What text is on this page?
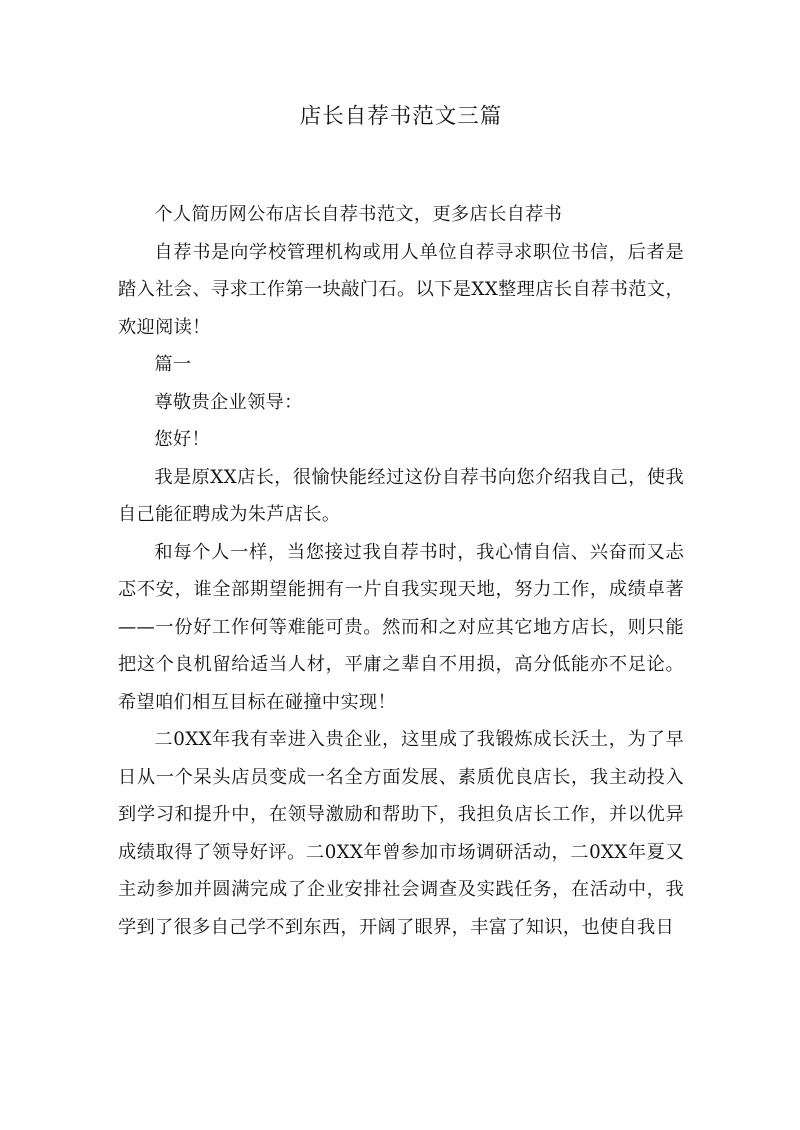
店长自荐书范文三篇

个人简历网公布店长自荐书范文，更多店长自荐书

自荐书是向学校管理机构或用人单位自荐寻求职位书信，后者是踏入社会、寻求工作第一块敲门石。以下是XX整理店长自荐书范文，欢迎阅读！

篇一

尊敬贵企业领导：

您好！

我是原XX店长，很愉快能经过这份自荐书向您介绍我自己，使我自己能征聘成为朱芦店长。

和每个人一样，当您接过我自荐书时，我心情自信、兴奋而又忐忑不安，谁全部期望能拥有一片自我实现天地，努力工作，成绩卓著——一份好工作何等难能可贵。然而和之对应其它地方店长，则只能把这个良机留给适当人材，平庸之辈自不用损，高分低能亦不足论。希望咱们相互目标在碰撞中实现！

二0XX年我有幸进入贵企业，这里成了我锻炼成长沃土，为了早日从一个呆头店员变成一名全方面发展、素质优良店长，我主动投入到学习和提升中，在领导激励和帮助下，我担负店长工作，并以优异成绩取得了领导好评。二0XX年曾参加市场调研活动，二0XX年夏又主动参加并圆满完成了企业安排社会调查及实践任务，在活动中，我学到了很多自己学不到东西，开阔了眼界，丰富了知识，也使自我日
